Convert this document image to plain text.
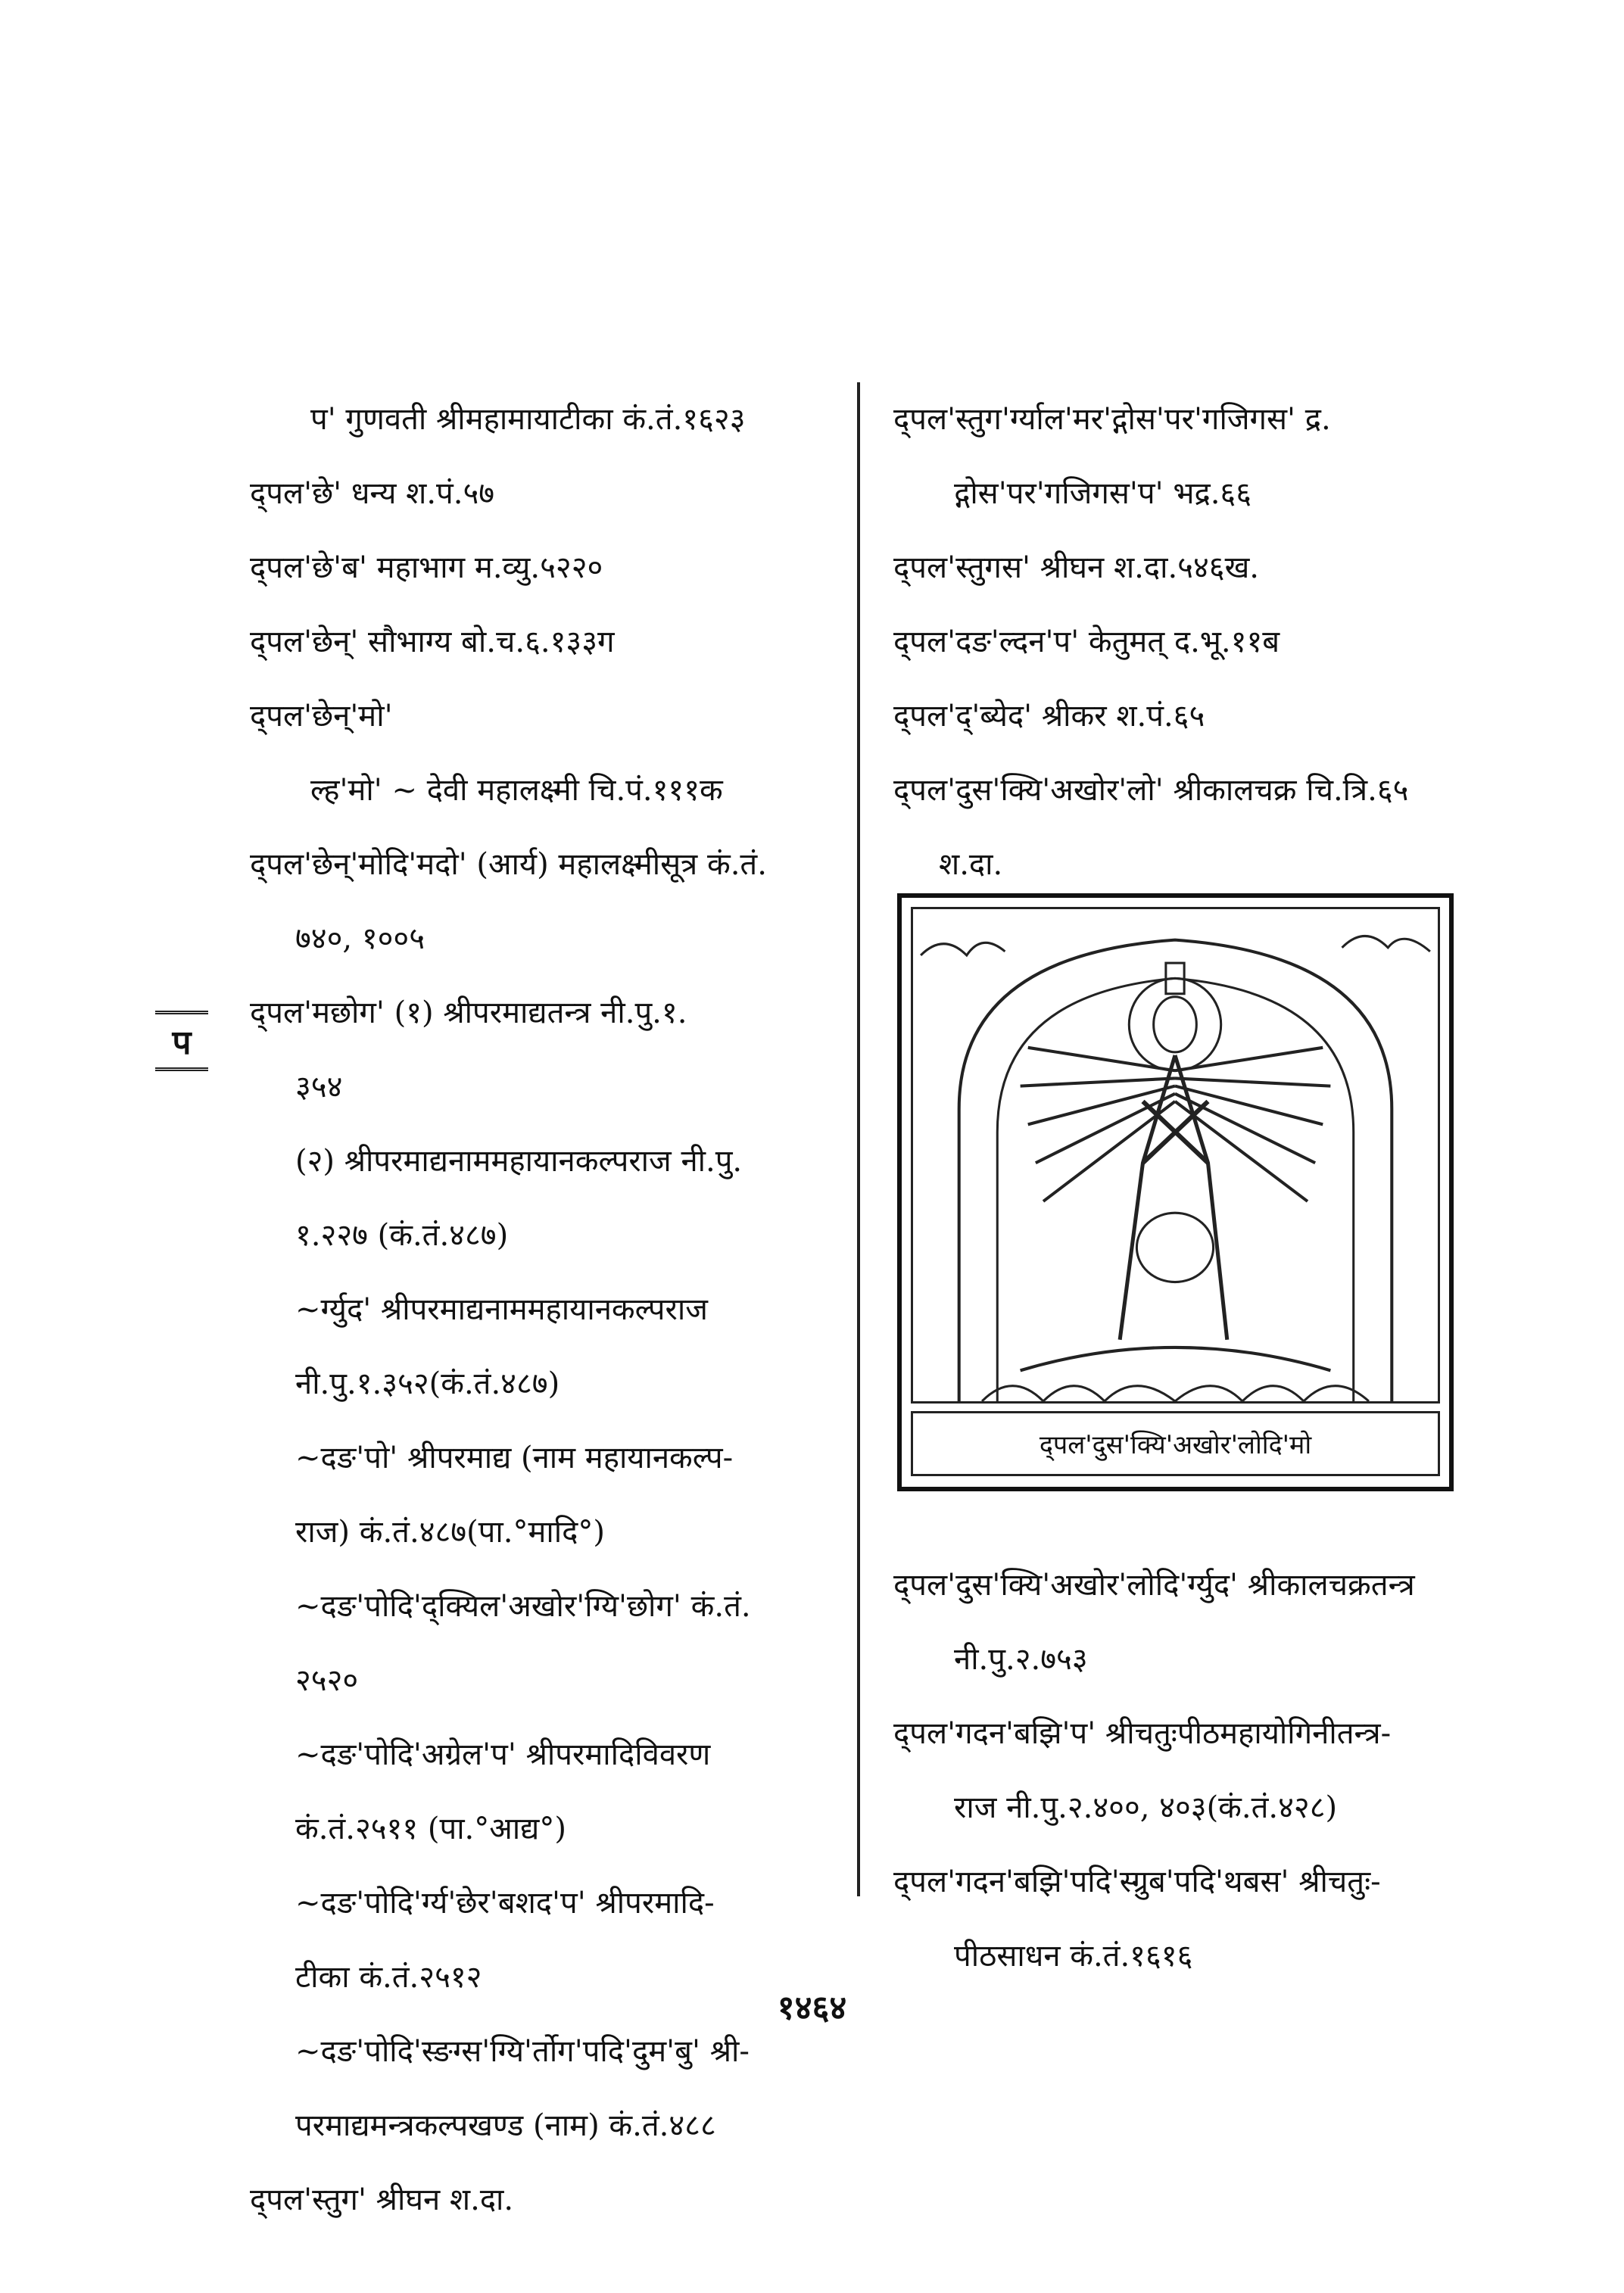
प
प' गुणवती श्रीमहामायाटीका कं.तं.१६२३
द्पल'छे' धन्य श.पं.५७
द्पल'छे'ब' महाभाग म.व्यु.५२२०
द्पल'छेन्' सौभाग्य बो.च.६.१३३ग
द्पल'छेन्'मो'
ल्ह'मो' ~ देवी महालक्ष्मी चि.पं.१११क
द्पल'छेन्'मोदि'मदो' (आर्य) महालक्ष्मीसूत्र कं.तं.
७४०, १००५
द्पल'मछोग' (१) श्रीपरमाद्यतन्त्र नी.पु.१.
३५४
(२) श्रीपरमाद्यनाममहायानकल्पराज नी.पु.
१.२२७ (कं.तं.४८७)
~र्ग्युद' श्रीपरमाद्यनाममहायानकल्पराज
नी.पु.१.३५२(कं.तं.४८७)
~दङ'पो' श्रीपरमाद्य (नाम महायानकल्प-
राज) कं.तं.४८७(पा.°मादि°)
~दङ'पोदि'द्क्यिल'अखोर'ग्यि'छोग' कं.तं.
२५२०
~दङ'पोदि'अग्रेल'प' श्रीपरमादिविवरण
कं.तं.२५११ (पा.°आद्य°)
~दङ'पोदि'र्ग्य'छेर'बशद'प' श्रीपरमादि-
टीका कं.तं.२५१२
~दङ'पोदि'स्ङग्स'ग्यि'र्तोग'पदि'दुम'बु' श्री-
परमाद्यमन्त्रकल्पखण्ड (नाम) कं.तं.४८८
द्पल'स्तुग' श्रीघन श.दा.
द्पल'स्तुग'र्ग्याल'मर'द्गोस'पर'गजिगस' द्र.
द्गोस'पर'गजिगस'प' भद्र.६६
द्पल'स्तुगस' श्रीघन श.दा.५४६ख.
द्पल'दङ'ल्दन'प' केतुमत् द.भू.११ब
द्पल'द्'ब्येद' श्रीकर श.पं.६५
द्पल'दुस'क्यि'अखोर'लो' श्रीकालचक्र चि.त्रि.६५
श.दा.
द्पल'दुस'क्यि'अखोर'लोदि'मो
द्पल'दुस'क्यि'अखोर'लोदि'र्ग्युद' श्रीकालचक्रतन्त्र
नी.पु.२.७५३
द्पल'गदन'बझि'प' श्रीचतुःपीठमहायोगिनीतन्त्र-
राज नी.पु.२.४००, ४०३(कं.तं.४२८)
द्पल'गदन'बझि'पदि'स्ग्रुब'पदि'थबस' श्रीचतुः-
पीठसाधन कं.तं.१६१६
१४६४
